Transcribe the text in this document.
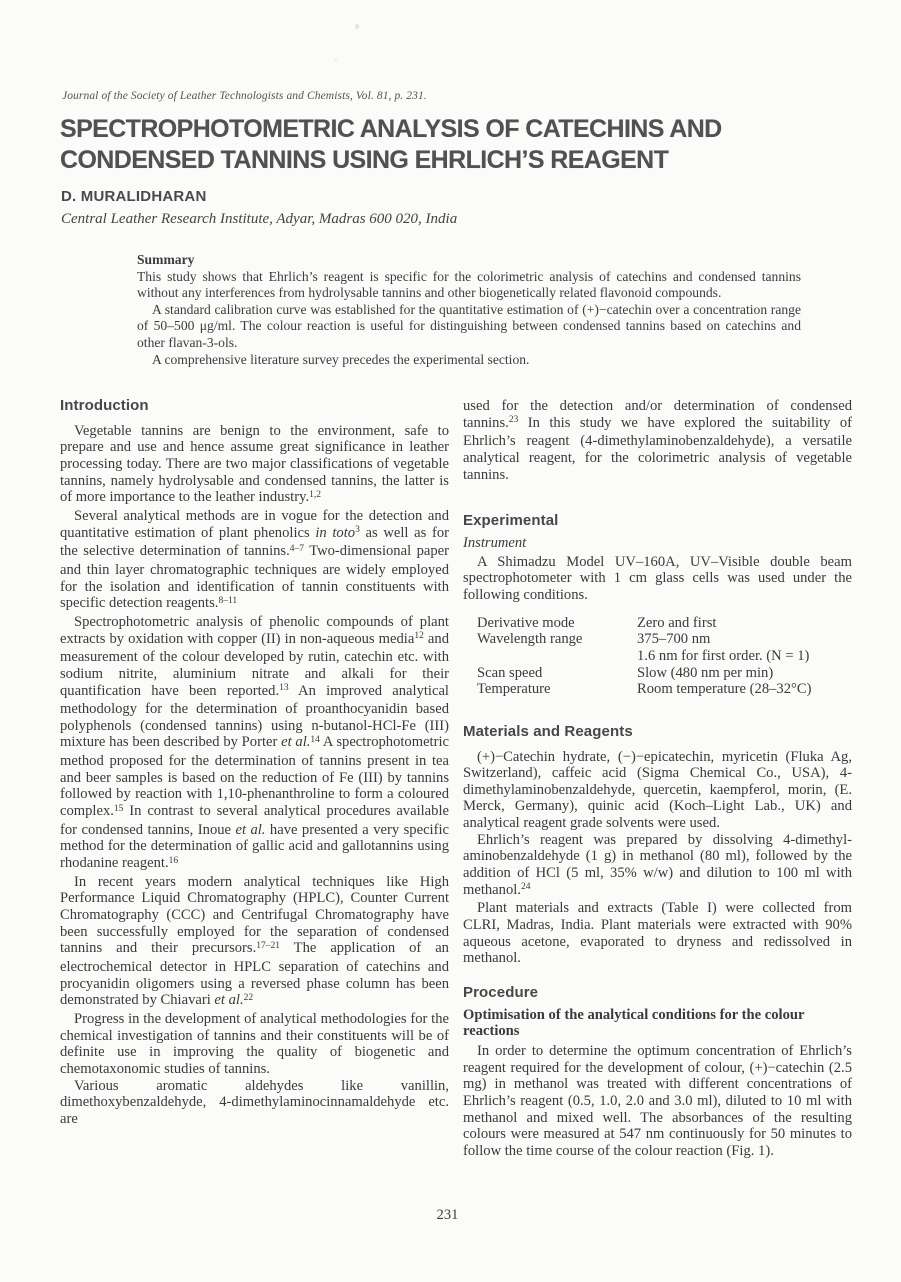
Journal of the Society of Leather Technologists and Chemists, Vol. 81, p. 231.
SPECTROPHOTOMETRIC ANALYSIS OF CATECHINS AND
CONDENSED TANNINS USING EHRLICH’S REAGENT
D. MURALIDHARAN
Central Leather Research Institute, Adyar, Madras 600 020, India
Summary

This study shows that Ehrlich’s reagent is specific for the colorimetric analysis of catechins and condensed tannins without any interferences from hydrolysable tannins and other biogenetically related flavonoid compounds.

A standard calibration curve was established for the quantitative estimation of (+)−catechin over a concentration range of 50–500 μg/ml. The colour reaction is useful for distinguishing between condensed tannins based on catechins and other flavan-3-ols.

A comprehensive literature survey precedes the experimental section.

Introduction

Vegetable tannins are benign to the environment, safe to prepare and use and hence assume great significance in leather processing today. There are two major classifications of vegetable tannins, namely hydrolysable and condensed tannins, the latter is of more importance to the leather industry.$^{1,2}$

Several analytical methods are in vogue for the detection and quantitative estimation of plant phenolics in toto$^3$ as well as for the selective determination of tannins.$^{4-7}$ Two-dimensional paper and thin layer chromatographic techniques are widely employed for the isolation and identification of tannin constituents with specific detection reagents.$^{8-11}$

Spectrophotometric analysis of phenolic compounds of plant extracts by oxidation with copper (II) in non-aqueous media$^{12}$ and measurement of the colour developed by rutin, catechin etc. with sodium nitrite, aluminium nitrate and alkali for their quantification have been reported.$^{13}$ An improved analytical methodology for the determination of proanthocyanidin based polyphenols (condensed tannins) using n-butanol-HCl-Fe (III) mixture has been described by Porter et al.$^{14}$ A spectrophotometric method proposed for the determination of tannins present in tea and beer samples is based on the reduction of Fe (III) by tannins followed by reaction with 1,10-phenanthroline to form a coloured complex.$^{15}$ In contrast to several analytical procedures available for condensed tannins, Inoue et al. have presented a very specific method for the determination of gallic acid and gallotannins using rhodanine reagent.$^{16}$

In recent years modern analytical techniques like High Performance Liquid Chromatography (HPLC), Counter Current Chromatography (CCC) and Centrifugal Chromatography have been successfully employed for the separation of condensed tannins and their precursors.$^{17-21}$ The application of an electrochemical detector in HPLC separation of catechins and procyanidin oligomers using a reversed phase column has been demonstrated by Chiavari et al.$^{22}$

Progress in the development of analytical methodologies for the chemical investigation of tannins and their constituents will be of definite use in improving the quality of biogenetic and chemotaxonomic studies of tannins.

Various aromatic aldehydes like vanillin, dimethoxybenzaldehyde, 4-dimethylaminocinnamaldehyde etc. are

used for the detection and/or determination of condensed tannins.$^{23}$ In this study we have explored the suitability of Ehrlich’s reagent (4-dimethylaminobenzaldehyde), a versatile analytical reagent, for the colorimetric analysis of vegetable tannins.

Experimental
Instrument

A Shimadzu Model UV–160A, UV–Visible double beam spectrophotometer with 1 cm glass cells was used under the following conditions.

Derivative mode	Zero and first
Wavelength range	375–700 nm
1.6 nm for first order. (N = 1)
Scan speed	Slow (480 nm per min)
Temperature	Room temperature (28–32°C)
Materials and Reagents

(+)−Catechin hydrate, (−)−epicatechin, myricetin (Fluka Ag, Switzerland), caffeic acid (Sigma Chemical Co., USA), 4-dimethylaminobenzaldehyde, quercetin, kaempferol, morin, (E. Merck, Germany), quinic acid (Koch–Light Lab., UK) and analytical reagent grade solvents were used.

Ehrlich’s reagent was prepared by dissolving 4-dimethyl-aminobenzaldehyde (1 g) in methanol (80 ml), followed by the addition of HCl (5 ml, 35% w/w) and dilution to 100 ml with methanol.$^{24}$

Plant materials and extracts (Table I) were collected from CLRI, Madras, India. Plant materials were extracted with 90% aqueous acetone, evaporated to dryness and redissolved in methanol.

Procedure
Optimisation of the analytical conditions for the colour reactions

In order to determine the optimum concentration of Ehrlich’s reagent required for the development of colour, (+)−catechin (2.5 mg) in methanol was treated with different concentrations of Ehrlich’s reagent (0.5, 1.0, 2.0 and 3.0 ml), diluted to 10 ml with methanol and mixed well. The absorbances of the resulting colours were measured at 547 nm continuously for 50 minutes to follow the time course of the colour reaction (Fig. 1).

231
